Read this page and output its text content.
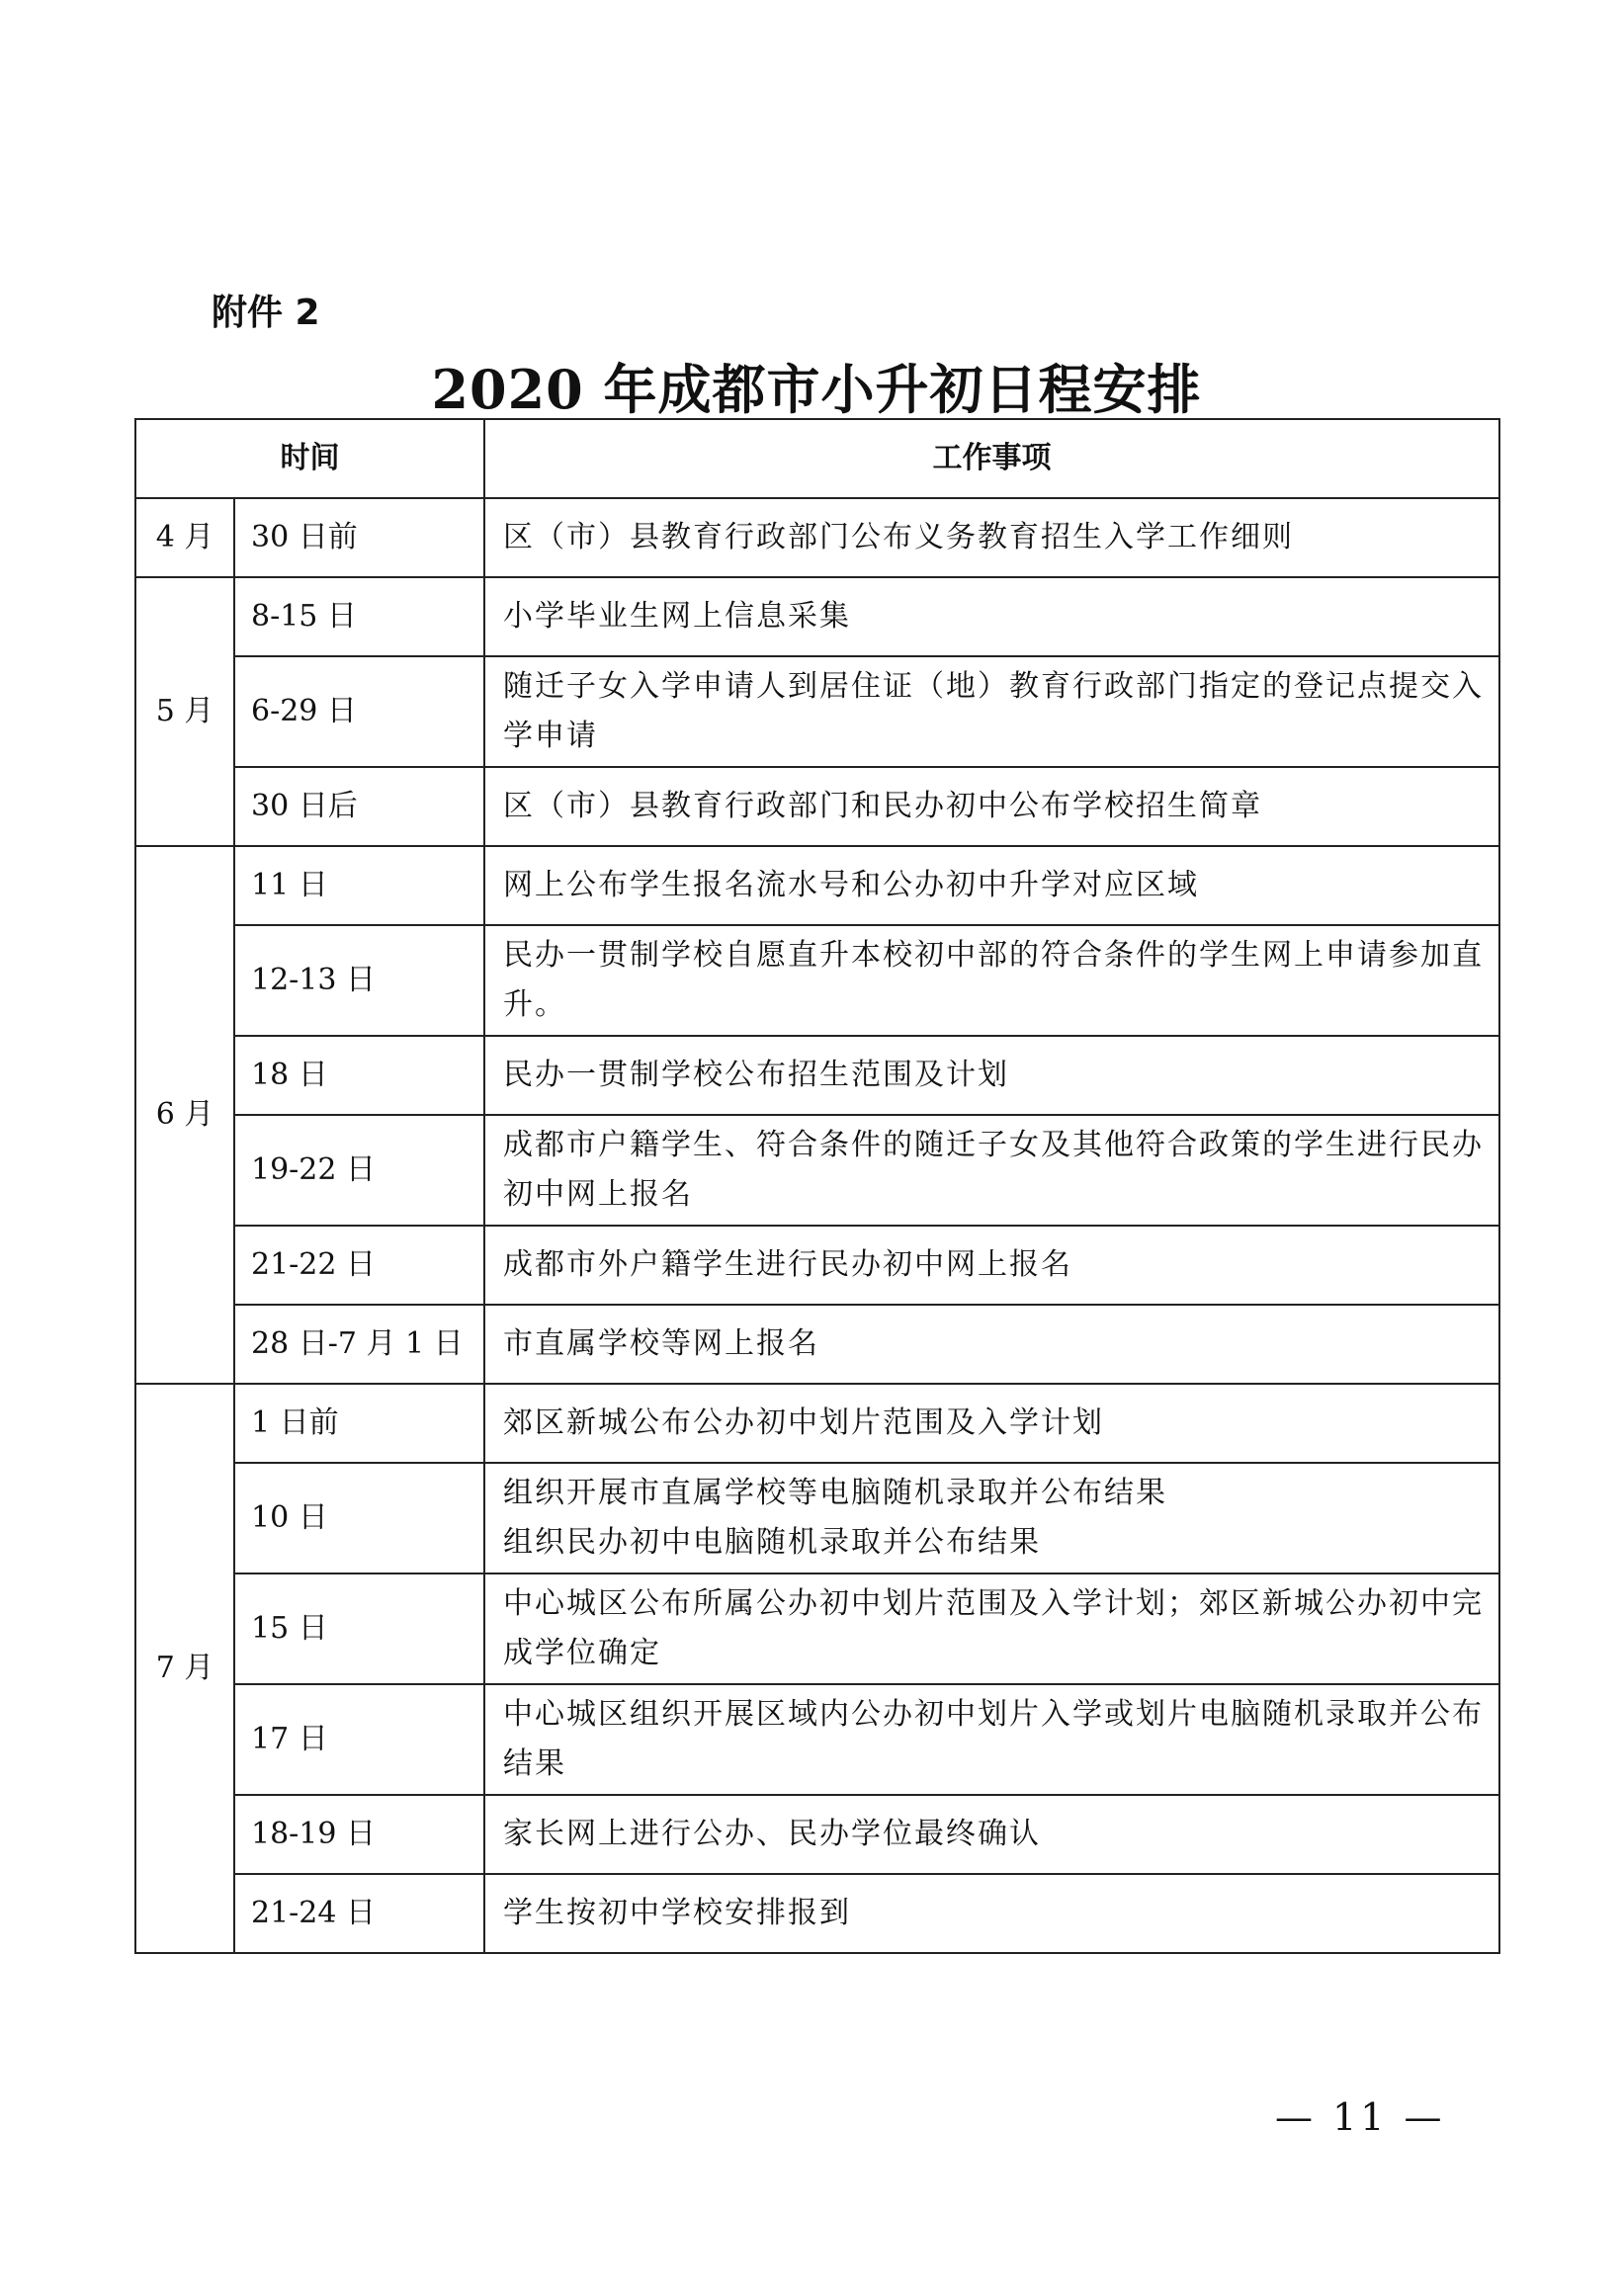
附件 2
2020 年成都市小升初日程安排
时间		工作事项
4 月	30 日前	区（市）县教育行政部门公布义务教育招生入学工作细则
5 月	8-15 日	小学毕业生网上信息采集
	6-29 日	随迁子女入学申请人到居住证（地）教育行政部门指定的登记点提交入学申请
	30 日后	区（市）县教育行政部门和民办初中公布学校招生简章
6 月	11 日	网上公布学生报名流水号和公办初中升学对应区域
	12-13 日	民办一贯制学校自愿直升本校初中部的符合条件的学生网上申请参加直升。
	18 日	民办一贯制学校公布招生范围及计划
	19-22 日	成都市户籍学生、符合条件的随迁子女及其他符合政策的学生进行民办初中网上报名
	21-22 日	成都市外户籍学生进行民办初中网上报名
	28 日-7 月 1 日	市直属学校等网上报名
7 月	1 日前	郊区新城公布公办初中划片范围及入学计划
	10 日	组织开展市直属学校等电脑随机录取并公布结果
组织民办初中电脑随机录取并公布结果

	15 日	中心城区公布所属公办初中划片范围及入学计划；郊区新城公办初中完成学位确定
	17 日	中心城区组织开展区域内公办初中划片入学或划片电脑随机录取并公布结果
	18-19 日	家长网上进行公办、民办学位最终确认
	21-24 日	学生按初中学校安排报到
— 11 —
